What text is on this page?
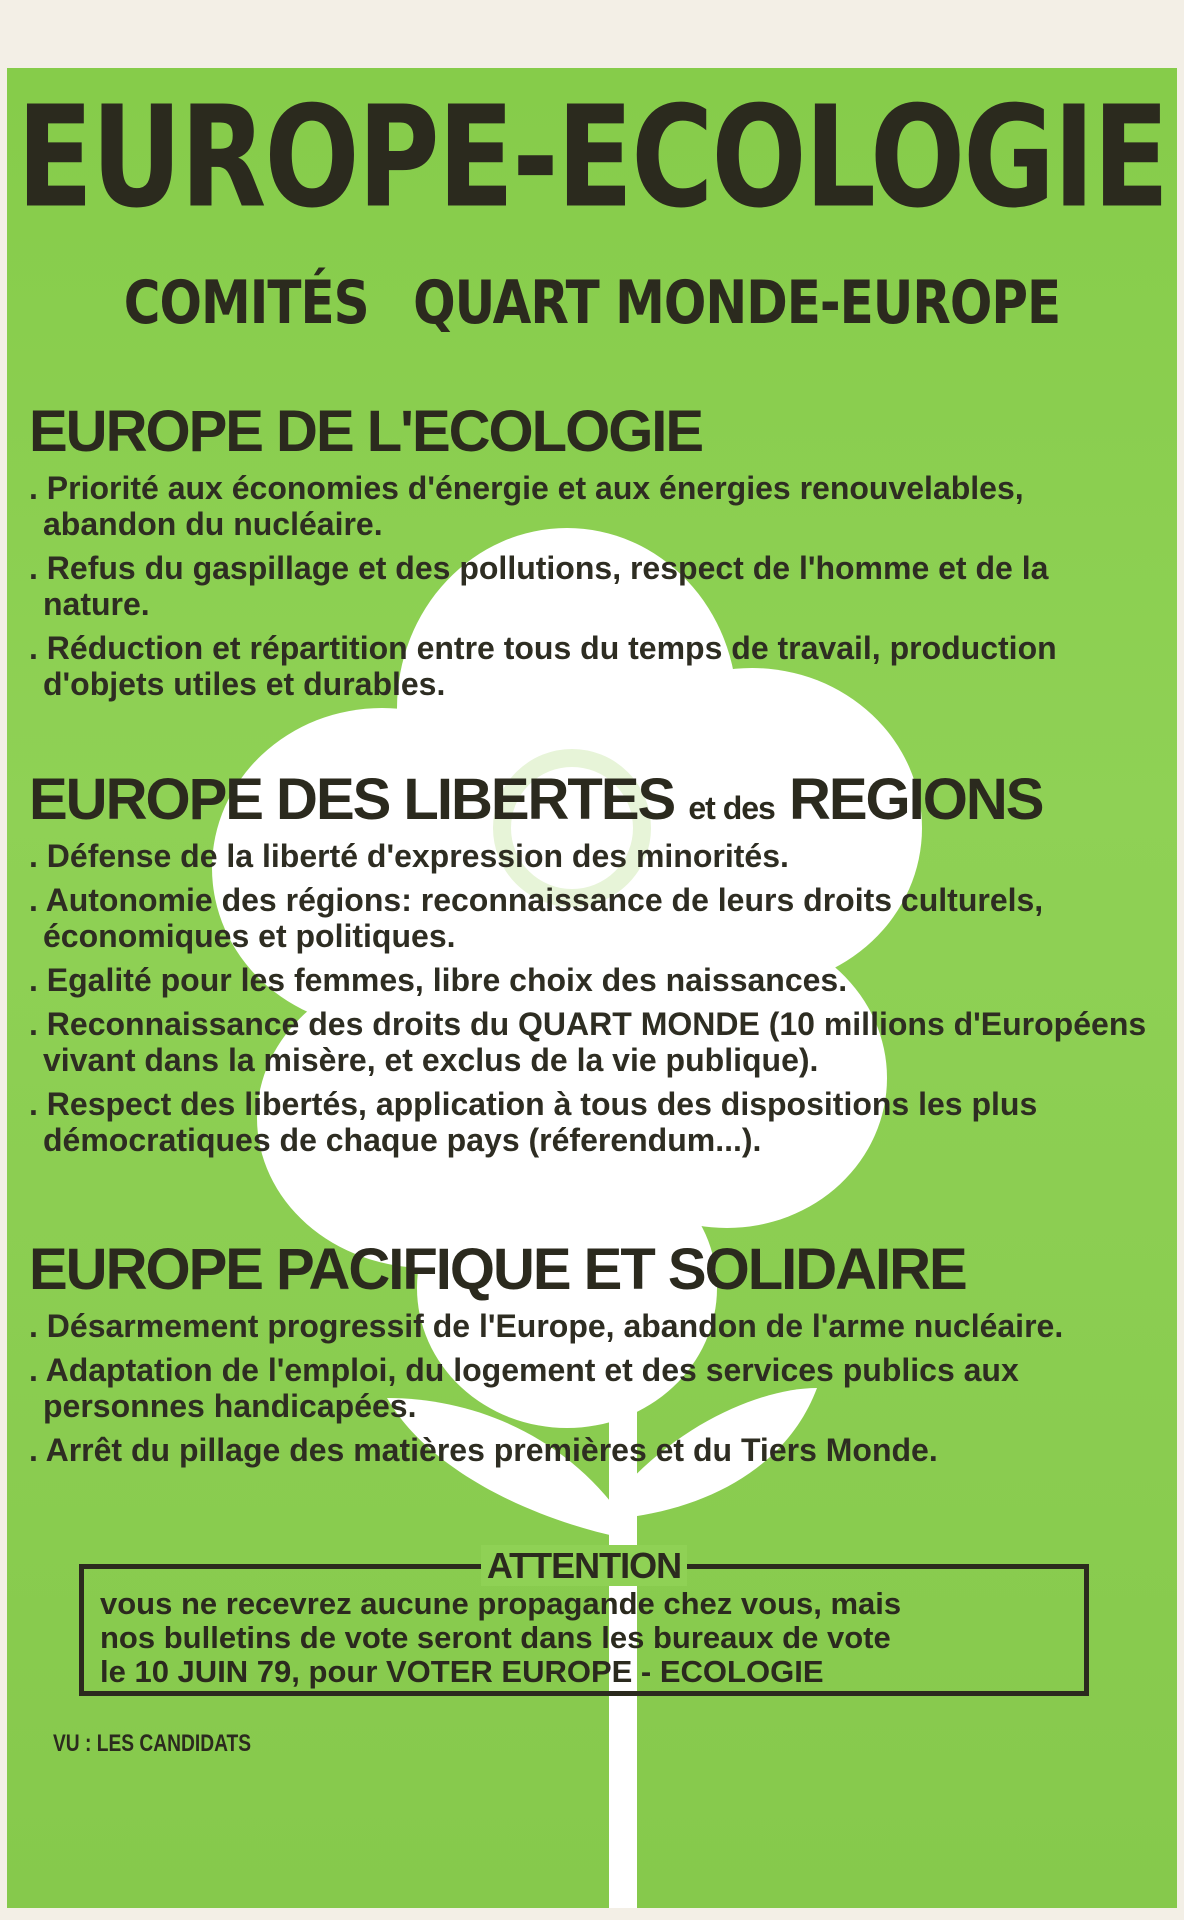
EUROPE-ECOLOGIE
COMITÉS QUART MONDE-EUROPE
EUROPE DE L'ECOLOGIE
. Priorité aux économies d'énergie et aux énergies renouvelables, abandon du nucléaire.
. Refus du gaspillage et des pollutions, respect de l'homme et de la nature.
. Réduction et répartition entre tous du temps de travail, production d'objets utiles et durables.
EUROPE DES LIBERTES et des REGIONS
. Défense de la liberté d'expression des minorités.
. Autonomie des régions: reconnaissance de leurs droits culturels, économiques et politiques.
. Egalité pour les femmes, libre choix des naissances.
. Reconnaissance des droits du QUART MONDE (10 millions d'Européens vivant dans la misère, et exclus de la vie publique).
. Respect des libertés, application à tous des dispositions les plus démocratiques de chaque pays (réferendum...).
EUROPE PACIFIQUE ET SOLIDAIRE
. Désarmement progressif de l'Europe, abandon de l'arme nucléaire.
. Adaptation de l'emploi, du logement et des services publics aux personnes handicapées.
. Arrêt du pillage des matières premières et du Tiers Monde.
ATTENTION
vous ne recevrez aucune propagande chez vous, mais
nos bulletins de vote seront dans les bureaux de vote
le 10 JUIN 79, pour VOTER EUROPE - ECOLOGIE
VU : LES CANDIDATS
